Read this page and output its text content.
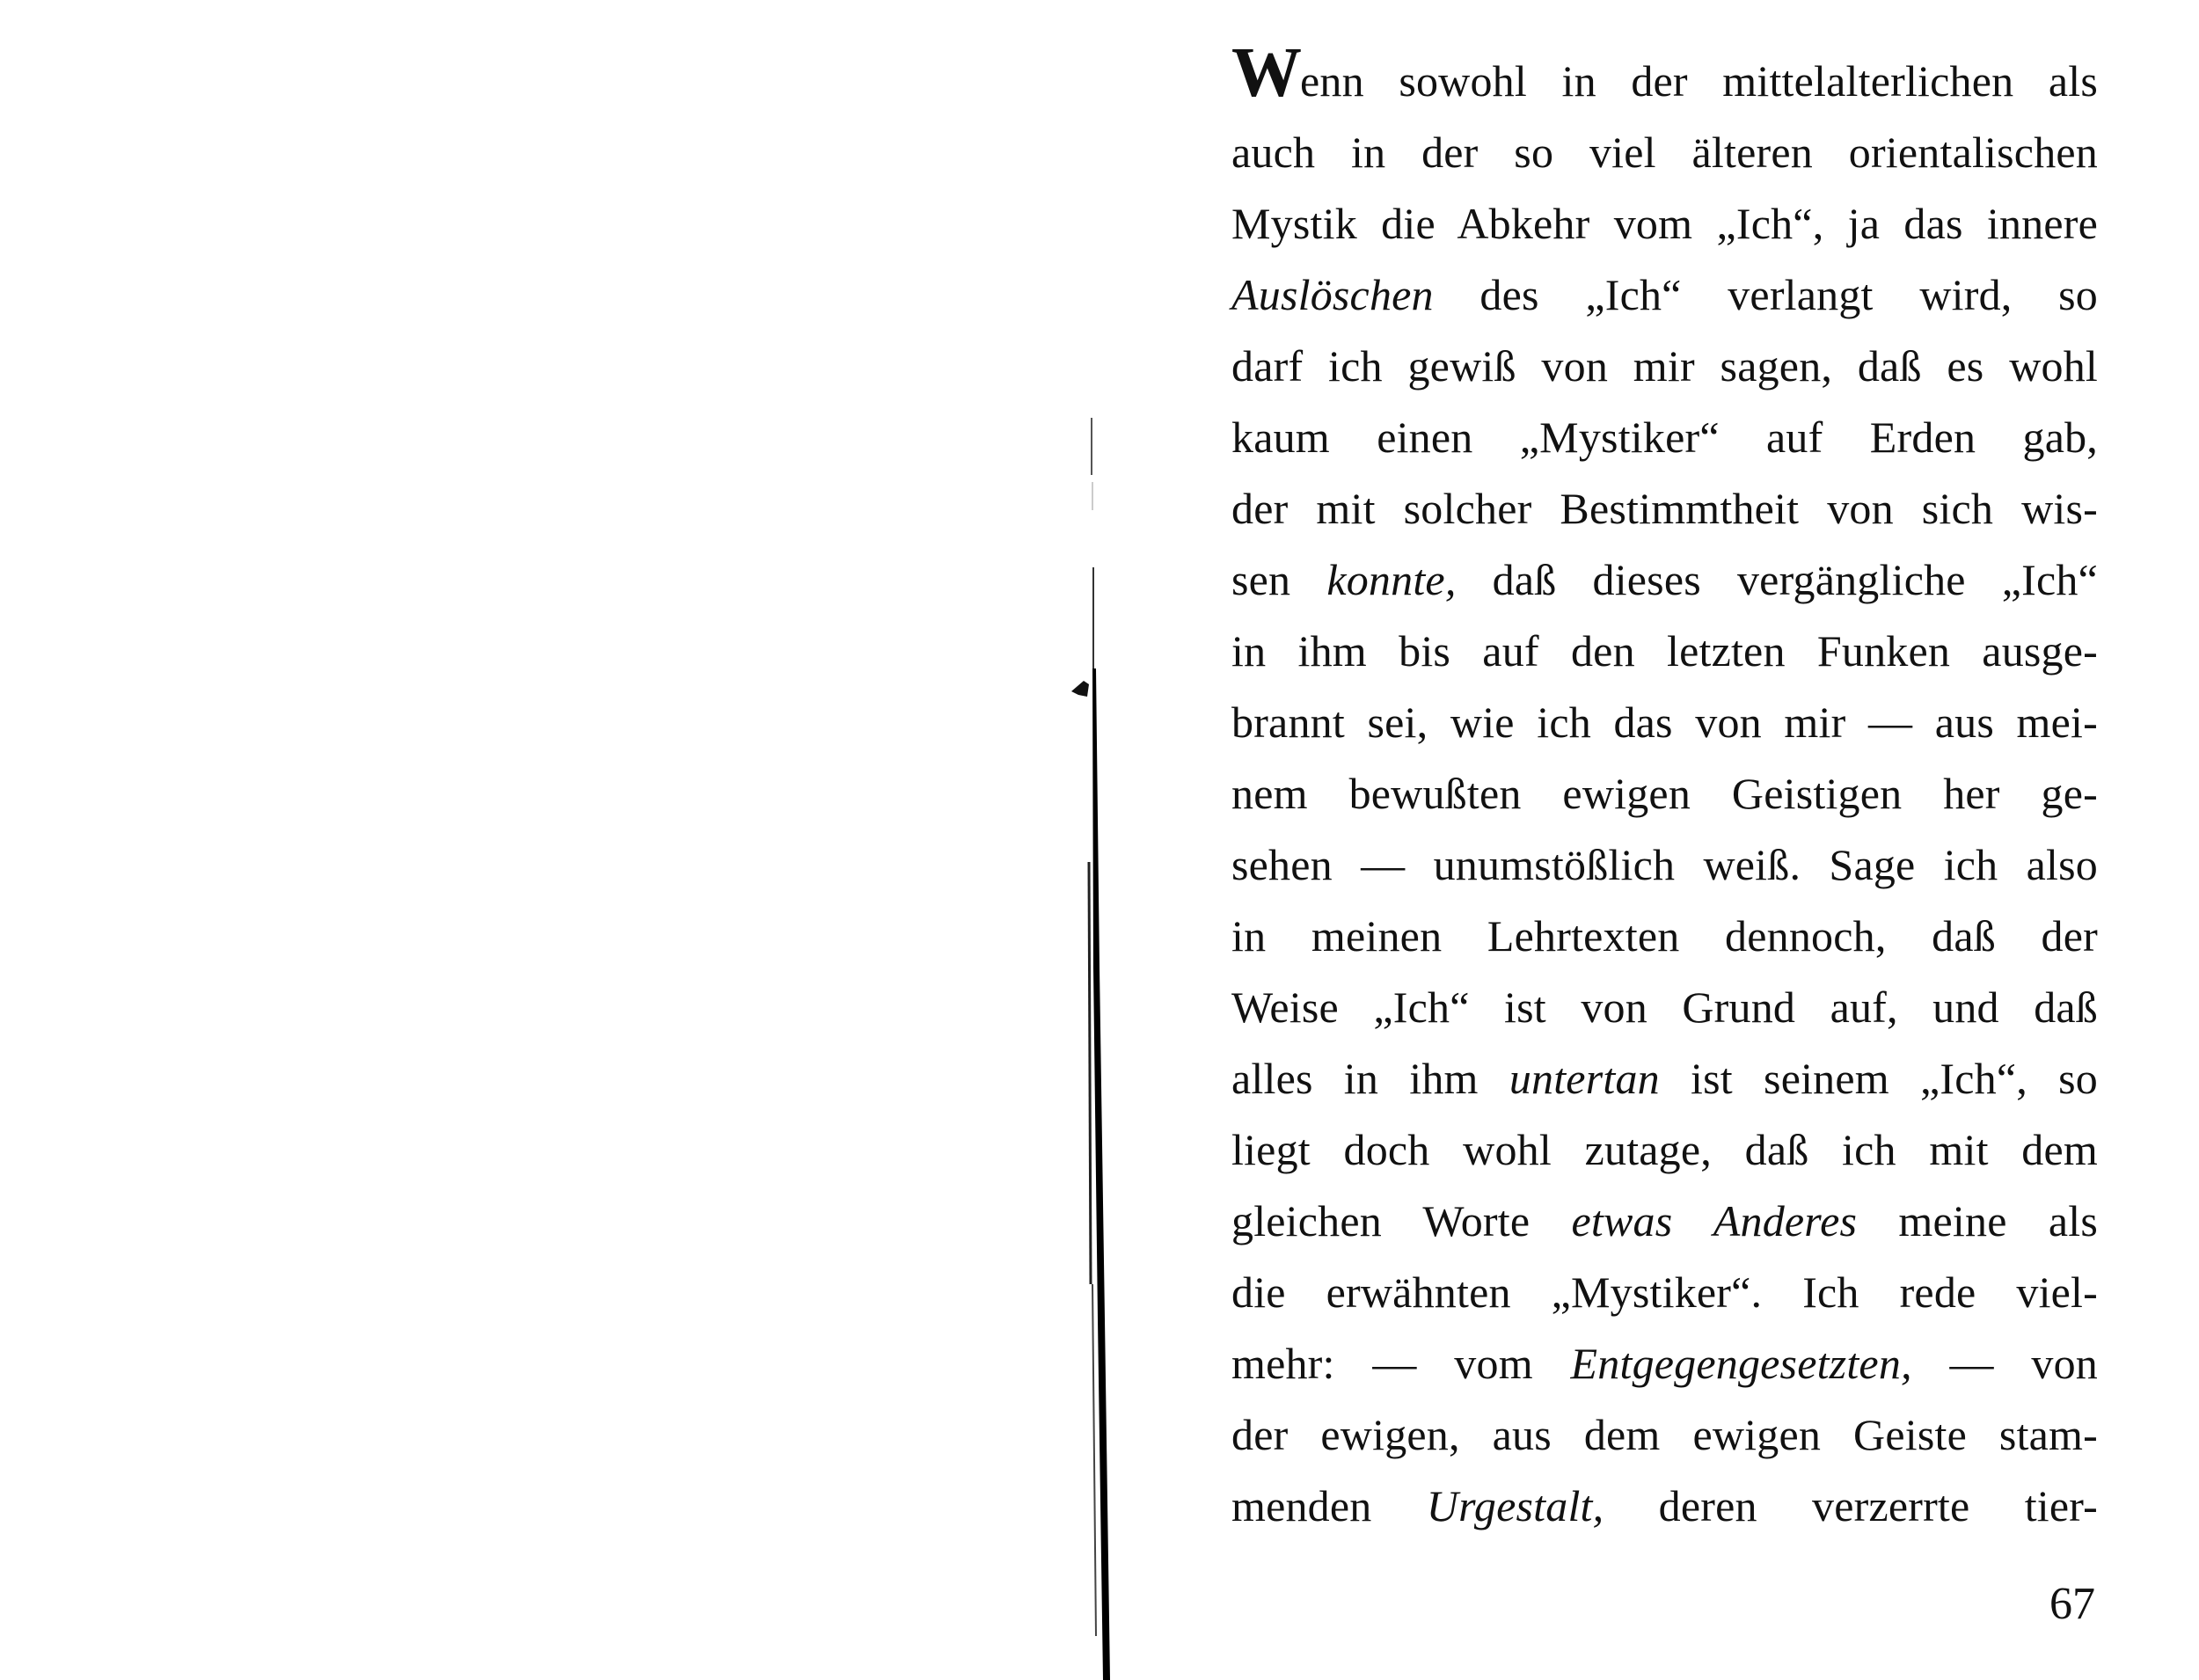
Wenn sowohl in der mittelalterlichen als
auch in der so viel älteren orientalischen
Mystik die Abkehr vom „Ich“, ja das innere
Auslöschen des „Ich“ verlangt wird, so
darf ich gewiß von mir sagen, daß es wohl
kaum einen „Mystiker“ auf Erden gab,
der mit solcher Bestimmtheit von sich wis-
sen konnte, daß dieses vergängliche „Ich“
in ihm bis auf den letzten Funken ausge-
brannt sei, wie ich das von mir — aus mei-
nem bewußten ewigen Geistigen her ge-
sehen — unumstößlich weiß. Sage ich also
in meinen Lehrtexten dennoch, daß der
Weise „Ich“ ist von Grund auf, und daß
alles in ihm untertan ist seinem „Ich“, so
liegt doch wohl zutage, daß ich mit dem
gleichen Worte etwas Anderes meine als
die erwähnten „Mystiker“. Ich rede viel-
mehr: — vom Entgegengesetzten, — von
der ewigen, aus dem ewigen Geiste stam-
menden Urgestalt, deren verzerrte tier-
67
